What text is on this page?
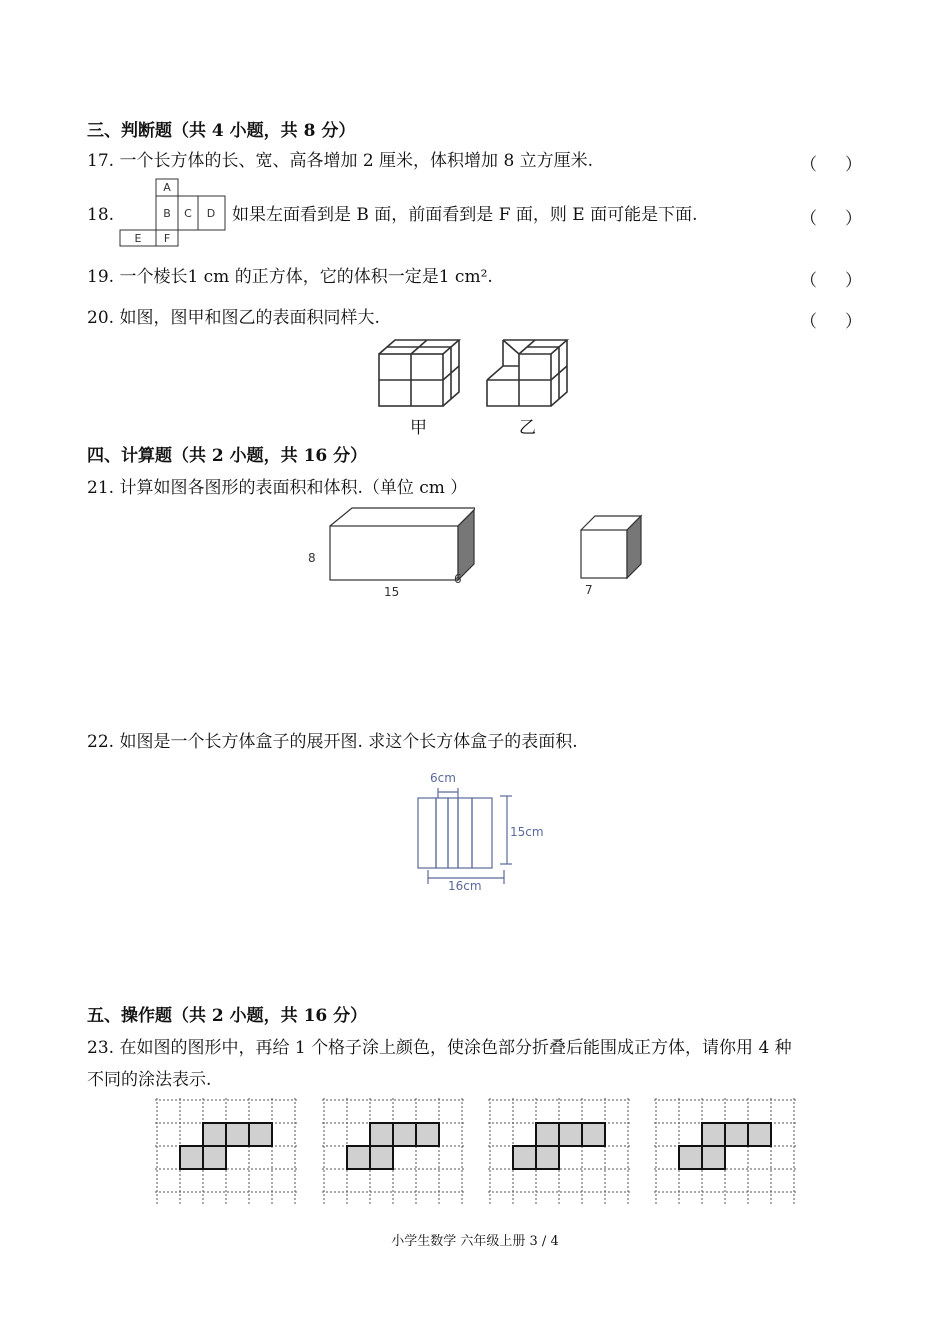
三、判断题（共 4 小题，共 8 分）
17. 一个长方体的长、宽、高各增加 2 厘米，体积增加 8 立方厘米.	（ ）
18.
A
B C D
E F
如果左面看到是 B 面，前面看到是 F 面，则 E 面可能是下面.	（ ）
19. 一个棱长1 cm 的正方体，它的体积一定是1 cm².	（ ）
20. 如图，图甲和图乙的表面积同样大.	（ ）
甲	乙
四、计算题（共 2 小题，共 16 分）
21. 计算如图各图形的表面积和体积.（单位 cm ）
8
15
6
7
22. 如图是一个长方体盒子的展开图. 求这个长方体盒子的表面积.
6cm
15cm
16cm
五、操作题（共 2 小题，共 16 分）
23. 在如图的图形中，再给 1 个格子涂上颜色，使涂色部分折叠后能围成正方体，请你用 4 种
不同的涂法表示.
小学生数学 六年级上册 3 / 4
